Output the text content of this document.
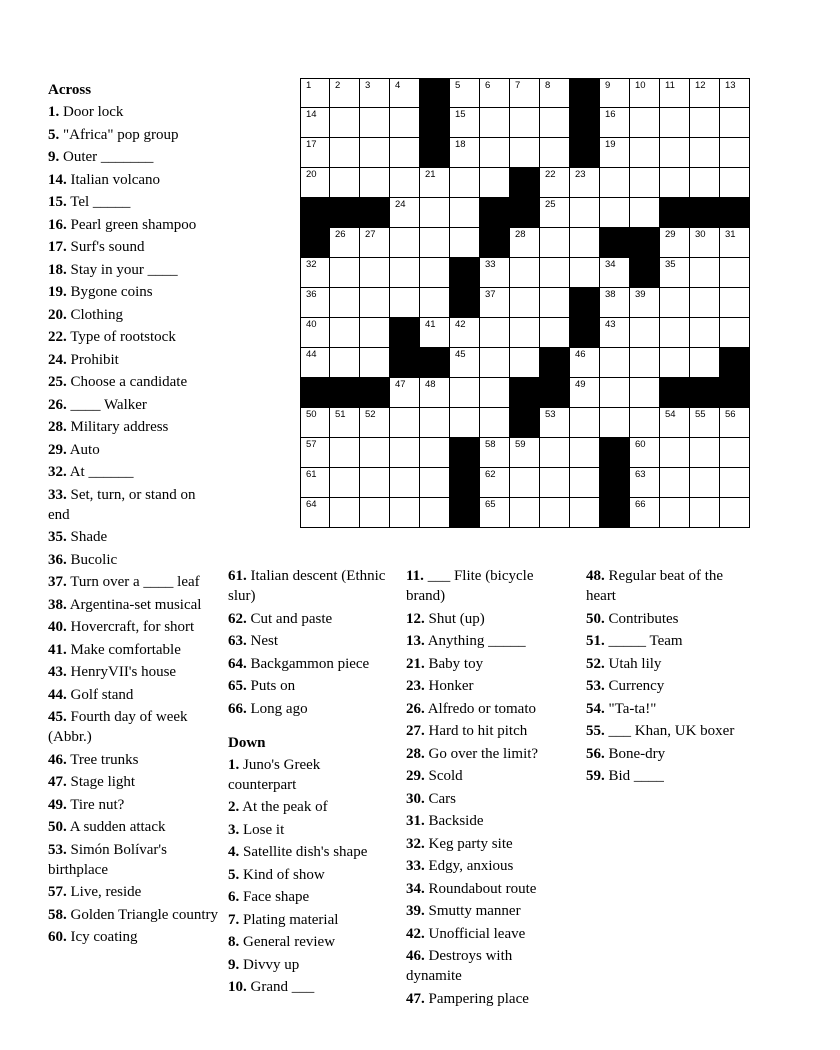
1 2	3	4	5	6	7	8	9	10 11 12 13
14	15	16
17	18	19
20	21	22 23
24	25
26 27	28	29 30 31
32	33	34	35
36	37	38 39
40	41 42	43
44	45	46
47 48	49
50 51 52	53	54 55 56
57	58 59	60
61	62	63
64	65	66
Across
1. Door lock
5. "Africa" pop group
9. Outer _______
14. Italian volcano
15. Tel _____
16. Pearl green shampoo
17. Surf's sound
18. Stay in your ____
19. Bygone coins
20. Clothing
22. Type of rootstock
24. Prohibit
25. Choose a candidate
26. ____ Walker
28. Military address
29. Auto
32. At ______
33. Set, turn, or stand on end
35. Shade
36. Bucolic
37. Turn over a ____ leaf
38. Argentina-set musical
40. Hovercraft, for short
41. Make comfortable
43. HenryVII's house
44. Golf stand
45. Fourth day of week (Abbr.)
46. Tree trunks
47. Stage light
49. Tire nut?
50. A sudden attack
53. Simón Bolívar's birthplace
57. Live, reside
58. Golden Triangle country
60. Icy coating
61. Italian descent (Ethnic slur)
62. Cut and paste
63. Nest
64. Backgammon piece
65. Puts on
66. Long ago
Down
1. Juno's Greek counterpart
2. At the peak of
3. Lose it
4. Satellite dish's shape
5. Kind of show
6. Face shape
7. Plating material
8. General review
9. Divvy up
10. Grand ___
11. ___ Flite (bicycle brand)
12. Shut (up)
13. Anything _____
21. Baby toy
23. Honker
26. Alfredo or tomato
27. Hard to hit pitch
28. Go over the limit?
29. Scold
30. Cars
31. Backside
32. Keg party site
33. Edgy, anxious
34. Roundabout route
39. Smutty manner
42. Unofficial leave
46. Destroys with dynamite
47. Pampering place
48. Regular beat of the heart
50. Contributes
51. _____ Team
52. Utah lily
53. Currency
54. "Ta-ta!"
55. ___ Khan, UK boxer
56. Bone-dry
59. Bid ____
